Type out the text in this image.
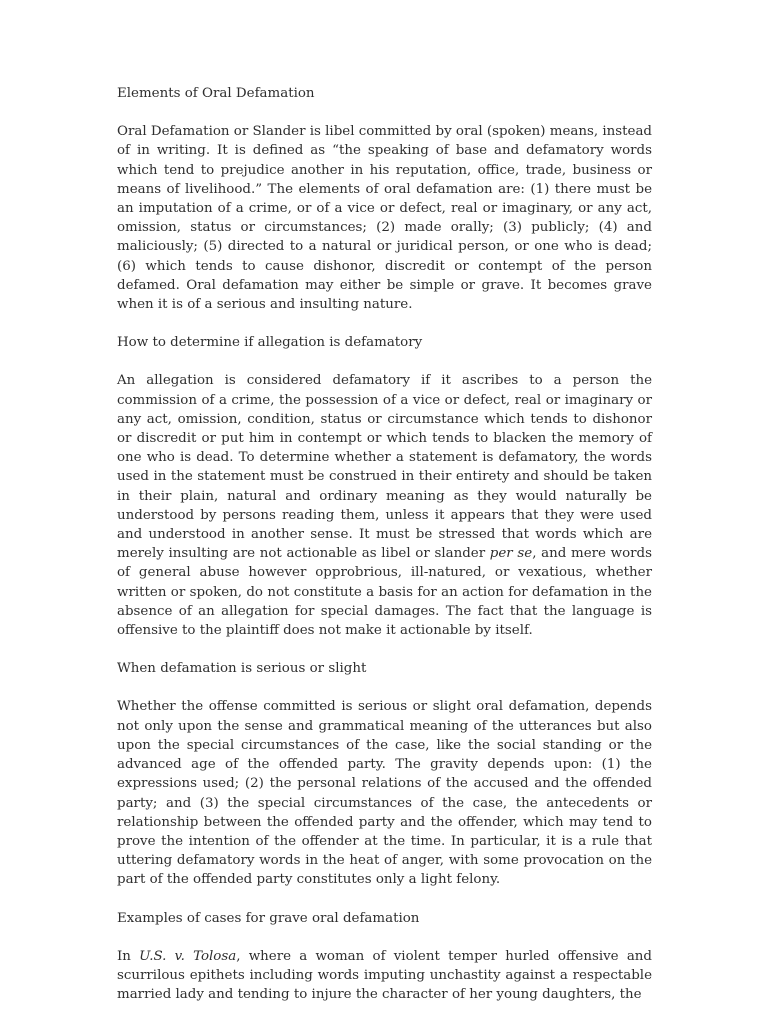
Elements of Oral Defamation

Oral Defamation or Slander is libel committed by oral (spoken) means, instead of in writing. It is defined as “the speaking of base and defamatory words which tend to prejudice another in his reputation, office, trade, business or means of livelihood.” The elements of oral defamation are: (1) there must be an imputation of a crime, or of a vice or defect, real or imaginary, or any act, omission, status or circumstances; (2) made orally; (3) publicly; (4) and maliciously; (5) directed to a natural or juridical person, or one who is dead; (6) which tends to cause dishonor, discredit or contempt of the person defamed. Oral defamation may either be simple or grave. It becomes grave when it is of a serious and insulting nature.

How to determine if allegation is defamatory

An allegation is considered defamatory if it ascribes to a person the commission of a crime, the possession of a vice or defect, real or imaginary or any act, omission, condition, status or circumstance which tends to dishonor or discredit or put him in contempt or which tends to blacken the memory of one who is dead. To determine whether a statement is defamatory, the words used in the statement must be construed in their entirety and should be taken in their plain, natural and ordinary meaning as they would naturally be understood by persons reading them, unless it appears that they were used and understood in another sense. It must be stressed that words which are merely insulting are not actionable as libel or slander per se, and mere words of general abuse however opprobrious, ill-natured, or vexatious, whether written or spoken, do not constitute a basis for an action for defamation in the absence of an allegation for special damages. The fact that the language is offensive to the plaintiff does not make it actionable by itself.

When defamation is serious or slight

Whether the offense committed is serious or slight oral defamation, depends not only upon the sense and grammatical meaning of the utterances but also upon the special circumstances of the case, like the social standing or the advanced age of the offended party. The gravity depends upon: (1) the expressions used; (2) the personal relations of the accused and the offended party; and (3) the special circumstances of the case, the antecedents or relationship between the offended party and the offender, which may tend to prove the intention of the offender at the time. In particular, it is a rule that uttering defamatory words in the heat of anger, with some provocation on the part of the offended party constitutes only a light felony.

Examples of cases for grave oral defamation

In U.S. v. Tolosa, where a woman of violent temper hurled offensive and scurrilous epithets including words imputing unchastity against a respectable married lady and tending to injure the character of her young daughters, the
